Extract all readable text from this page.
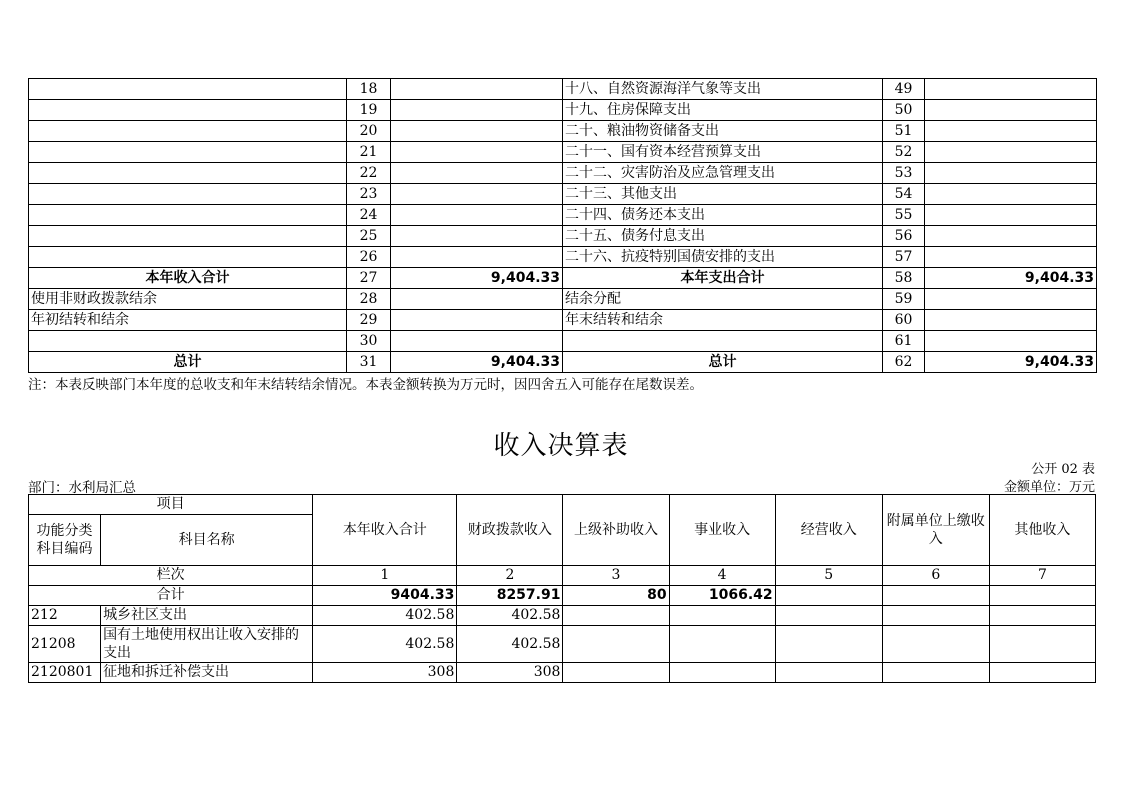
	18		十八、自然资源海洋气象等支出	49	
	19		十九、住房保障支出	50	
	20		二十、粮油物资储备支出	51	
	21		二十一、国有资本经营预算支出	52	
	22		二十二、灾害防治及应急管理支出	53	
	23		二十三、其他支出	54	
	24		二十四、债务还本支出	55	
	25		二十五、债务付息支出	56	
	26		二十六、抗疫特别国债安排的支出	57	
本年收入合计	27	9,404.33	本年支出合计	58	9,404.33
使用非财政拨款结余	28		结余分配	59	
年初结转和结余	29		年末结转和结余	60	
	30			61	
总计	31	9,404.33	总计	62	9,404.33
注：本表反映部门本年度的总收支和年末结转结余情况。本表金额转换为万元时，因四舍五入可能存在尾数误差。
收入决算表
公开 02 表
部门：水利局汇总	金额单位：万元
项目		本年收入合计	财政拨款收入	上级补助收入	事业收入	经营收入	附属单位上缴收入	其他收入
功能分类科目编码	科目名称							
栏次		1	2	3	4	5	6	7
合计		9404.33	8257.91	80	1066.42			
212	城乡社区支出	402.58	402.58					
21208	国有土地使用权出让收入安排的支出	402.58	402.58					
2120801	征地和拆迁补偿支出	308	308					
